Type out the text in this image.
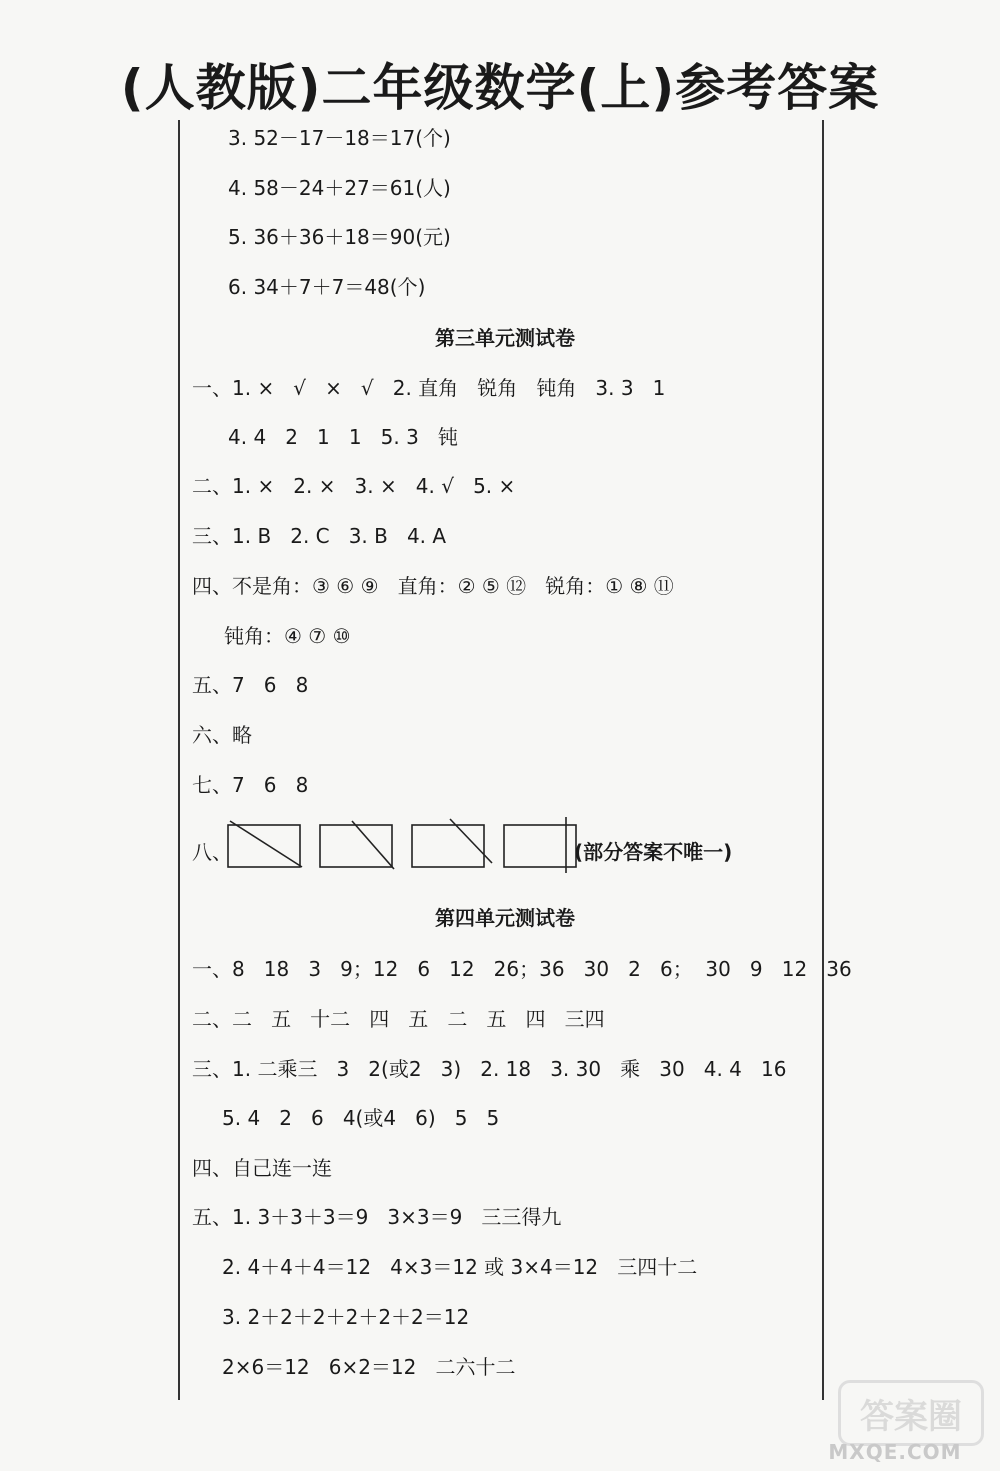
(人教版)二年级数学(上)参考答案
3. 52－17－18＝17(个)
4. 58－24＋27＝61(人)
5. 36＋36＋18＝90(元)
6. 34＋7＋7＝48(个)
第三单元测试卷
一、1. ×   √   ×   √   2. 直角   锐角   钝角   3. 3   1
4. 4   2   1   1   5. 3   钝
二、1. ×   2. ×   3. ×   4. √   5. ×
三、1. B   2. C   3. B   4. A
四、不是角：③ ⑥ ⑨   直角：② ⑤ ⑫   锐角：① ⑧ ⑪
钝角：④ ⑦ ⑩
五、7   6   8
六、略
七、7   6   8
八、	(部分答案不唯一)
第四单元测试卷
一、8   18   3   9；12   6   12   26；36   30   2   6；  30   9   12   36
二、二   五   十二   四   五   二   五   四   三四
三、1. 二乘三   3   2(或2   3)   2. 18   3. 30   乘   30   4. 4   16
5. 4   2   6   4(或4   6)   5   5
四、自己连一连
五、1. 3＋3＋3＝9   3×3＝9   三三得九
2. 4＋4＋4＝12   4×3＝12 或 3×4＝12   三四十二
3. 2＋2＋2＋2＋2＋2＝12
2×6＝12   6×2＝12   二六十二
答案圈
MXQE.COM
